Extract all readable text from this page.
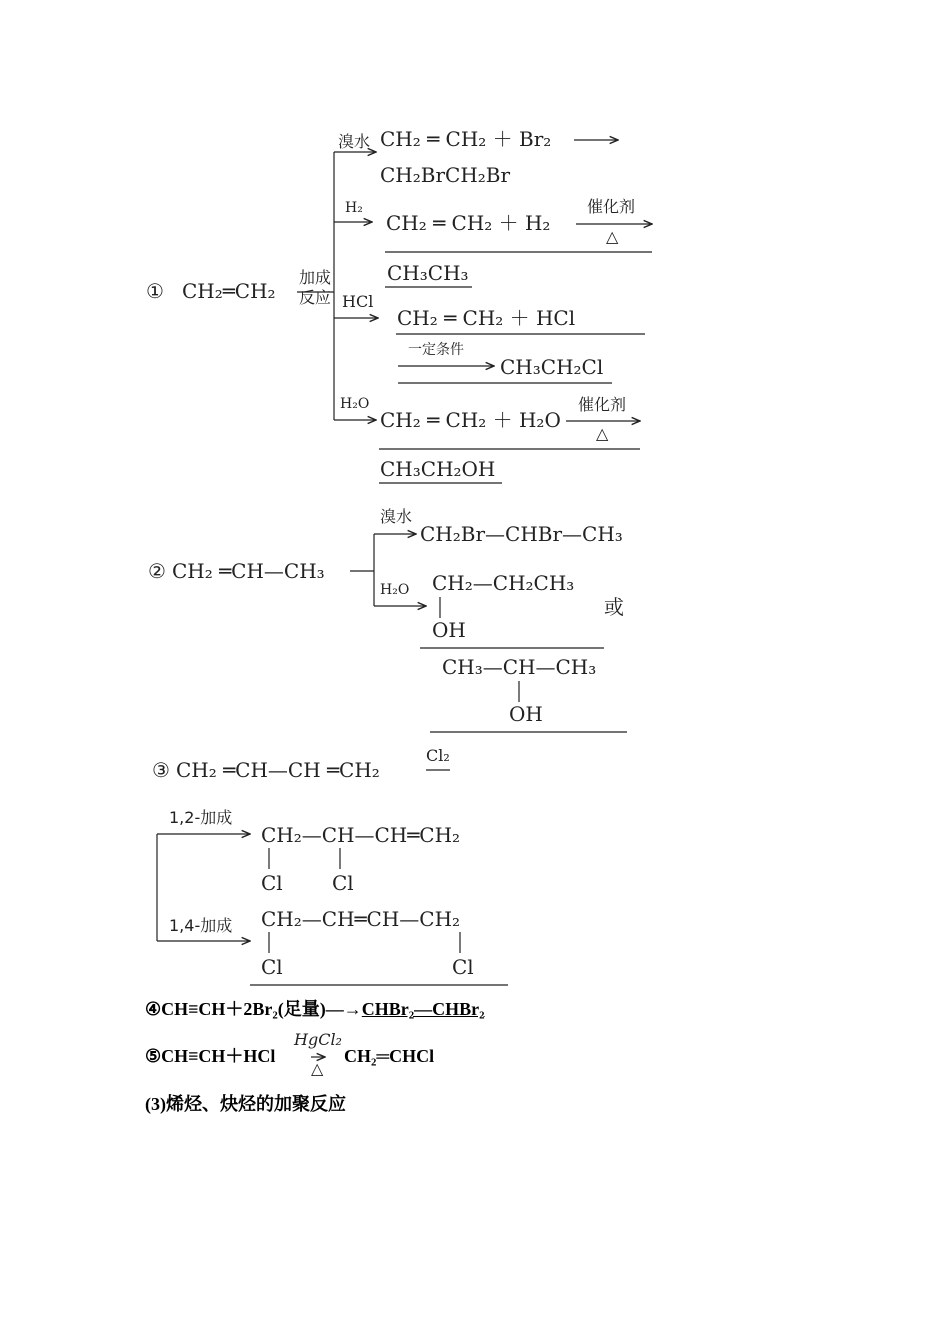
① CH₂═CH₂
加成
反应
溴水 CH₂ ═ CH₂ ＋ Br₂
CH₂BrCH₂Br
H₂
CH₂ ═ CH₂ ＋ H₂
催化剂
△
CH₃CH₃
HCl
CH₂ ═ CH₂ ＋ HCl
一定条件
CH₃CH₂Cl
H₂O
CH₂ ═ CH₂ ＋ H₂O
催化剂
△
CH₃CH₂OH
② CH₂ ═CH—CH₃
溴水
CH₂Br—CHBr—CH₃
H₂O CH₂—CH₂CH₃
OH
或
CH₃—CH—CH₃
OH
③ CH₂ ═CH—CH ═CH₂
Cl₂
1,2-加成
CH₂—CH—CH═CH₂
Cl Cl
1,4-加成 CH₂—CH═CH—CH₂
Cl	Cl
④CH≡CH＋2Br₂(足量)—→CHBr₂—CHBr₂
⑤CH≡CH＋HCl
HgCl₂
△
CH₂═CHCl
(3)烯烃、炔烃的加聚反应
